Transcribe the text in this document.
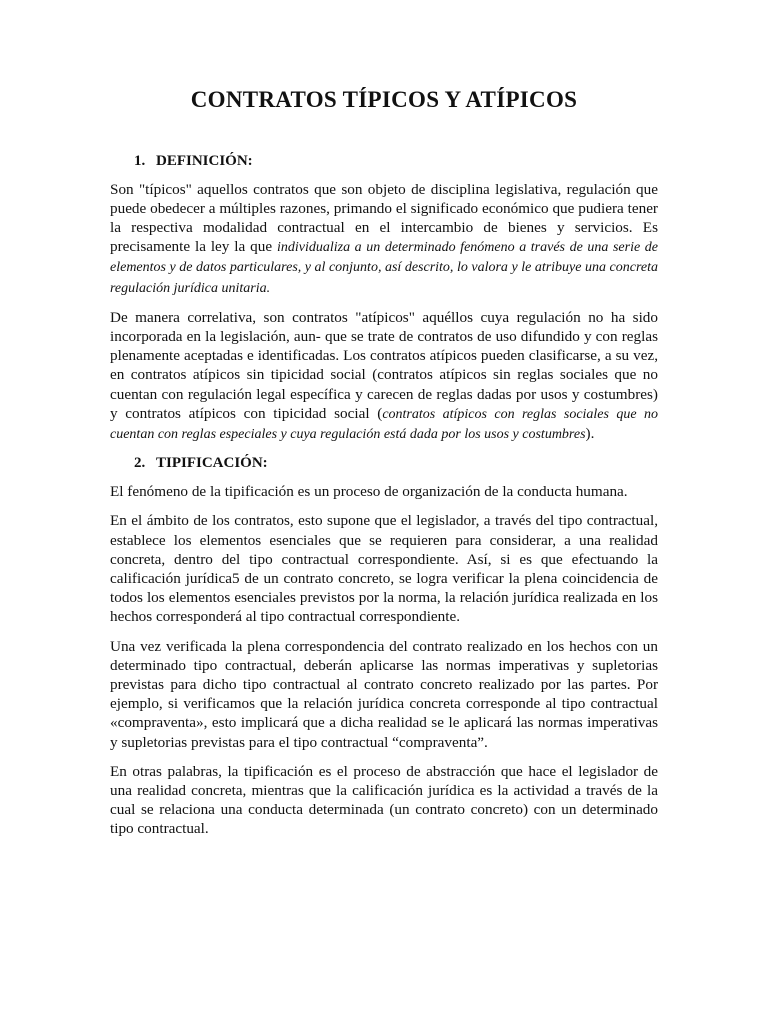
CONTRATOS TÍPICOS Y ATÍPICOS
1. DEFINICIÓN:

Son "típicos" aquellos contratos que son objeto de disciplina legislativa, regulación que puede obedecer a múltiples razones, primando el significado económico que pudiera tener la respectiva modalidad contractual en el intercambio de bienes y servicios. Es precisamente la ley la que individualiza a un determinado fenómeno a través de una serie de elementos y de datos particulares, y al conjunto, así descrito, lo valora y le atribuye una concreta regulación jurídica unitaria.

De manera correlativa, son contratos "atípicos" aquéllos cuya regulación no ha sido incorporada en la legislación, aun- que se trate de contratos de uso difundido y con reglas plenamente aceptadas e identificadas. Los contratos atípicos pueden clasificarse, a su vez, en contratos atípicos sin tipicidad social (contratos atípicos sin reglas sociales que no cuentan con regulación legal específica y carecen de reglas dadas por usos y costumbres) y contratos atípicos con tipicidad social (contratos atípicos con reglas sociales que no cuentan con reglas especiales y cuya regulación está dada por los usos y costumbres).

2. TIPIFICACIÓN:

El fenómeno de la tipificación es un proceso de organización de la conducta humana.

En el ámbito de los contratos, esto supone que el legislador, a través del tipo contractual, establece los elementos esenciales que se requieren para considerar, a una realidad concreta, dentro del tipo contractual correspondiente. Así, si es que efectuando la calificación jurídica5 de un contrato concreto, se logra verificar la plena coincidencia de todos los elementos esenciales previstos por la norma, la relación jurídica realizada en los hechos corresponderá al tipo contractual correspondiente.

Una vez verificada la plena correspondencia del contrato realizado en los hechos con un determinado tipo contractual, deberán aplicarse las normas imperativas y supletorias previstas para dicho tipo contractual al contrato concreto realizado por las partes. Por ejemplo, si verificamos que la relación jurídica concreta corresponde al tipo contractual «compraventa», esto implicará que a dicha realidad se le aplicará las normas imperativas y supletorias previstas para el tipo contractual “compraventa”.

En otras palabras, la tipificación es el proceso de abstracción que hace el legislador de una realidad concreta, mientras que la calificación jurídica es la actividad a través de la cual se relaciona una conducta determinada (un contrato concreto) con un determinado tipo contractual.
